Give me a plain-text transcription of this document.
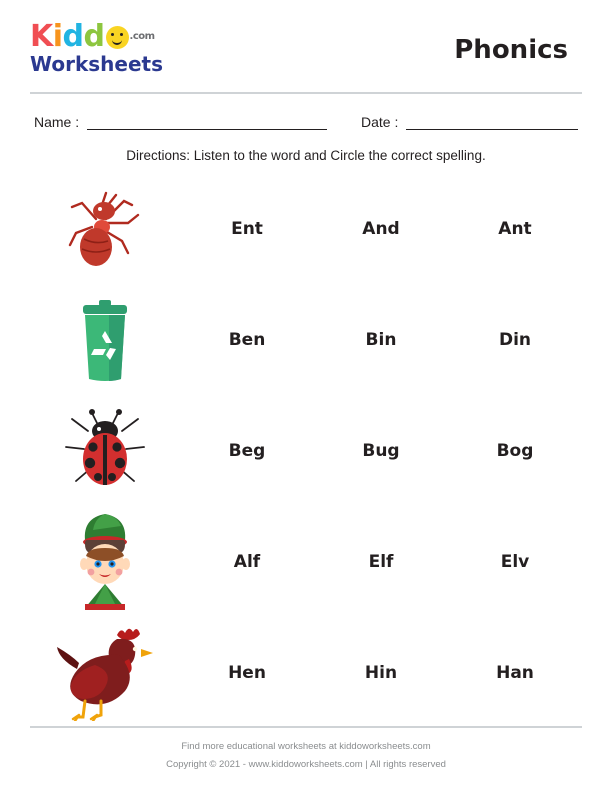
Kidd	.com
Worksheets	Phonics
Name :	Date :
Directions: Listen to the word and Circle the correct spelling.
Ent	And	Ant
Ben	Bin	Din
Beg	Bug	Bog
Alf	Elf	Elv
Hen	Hin	Han
Find more educational worksheets at kiddoworksheets.com
Copyright © 2021 - www.kiddoworksheets.com | All rights reserved
